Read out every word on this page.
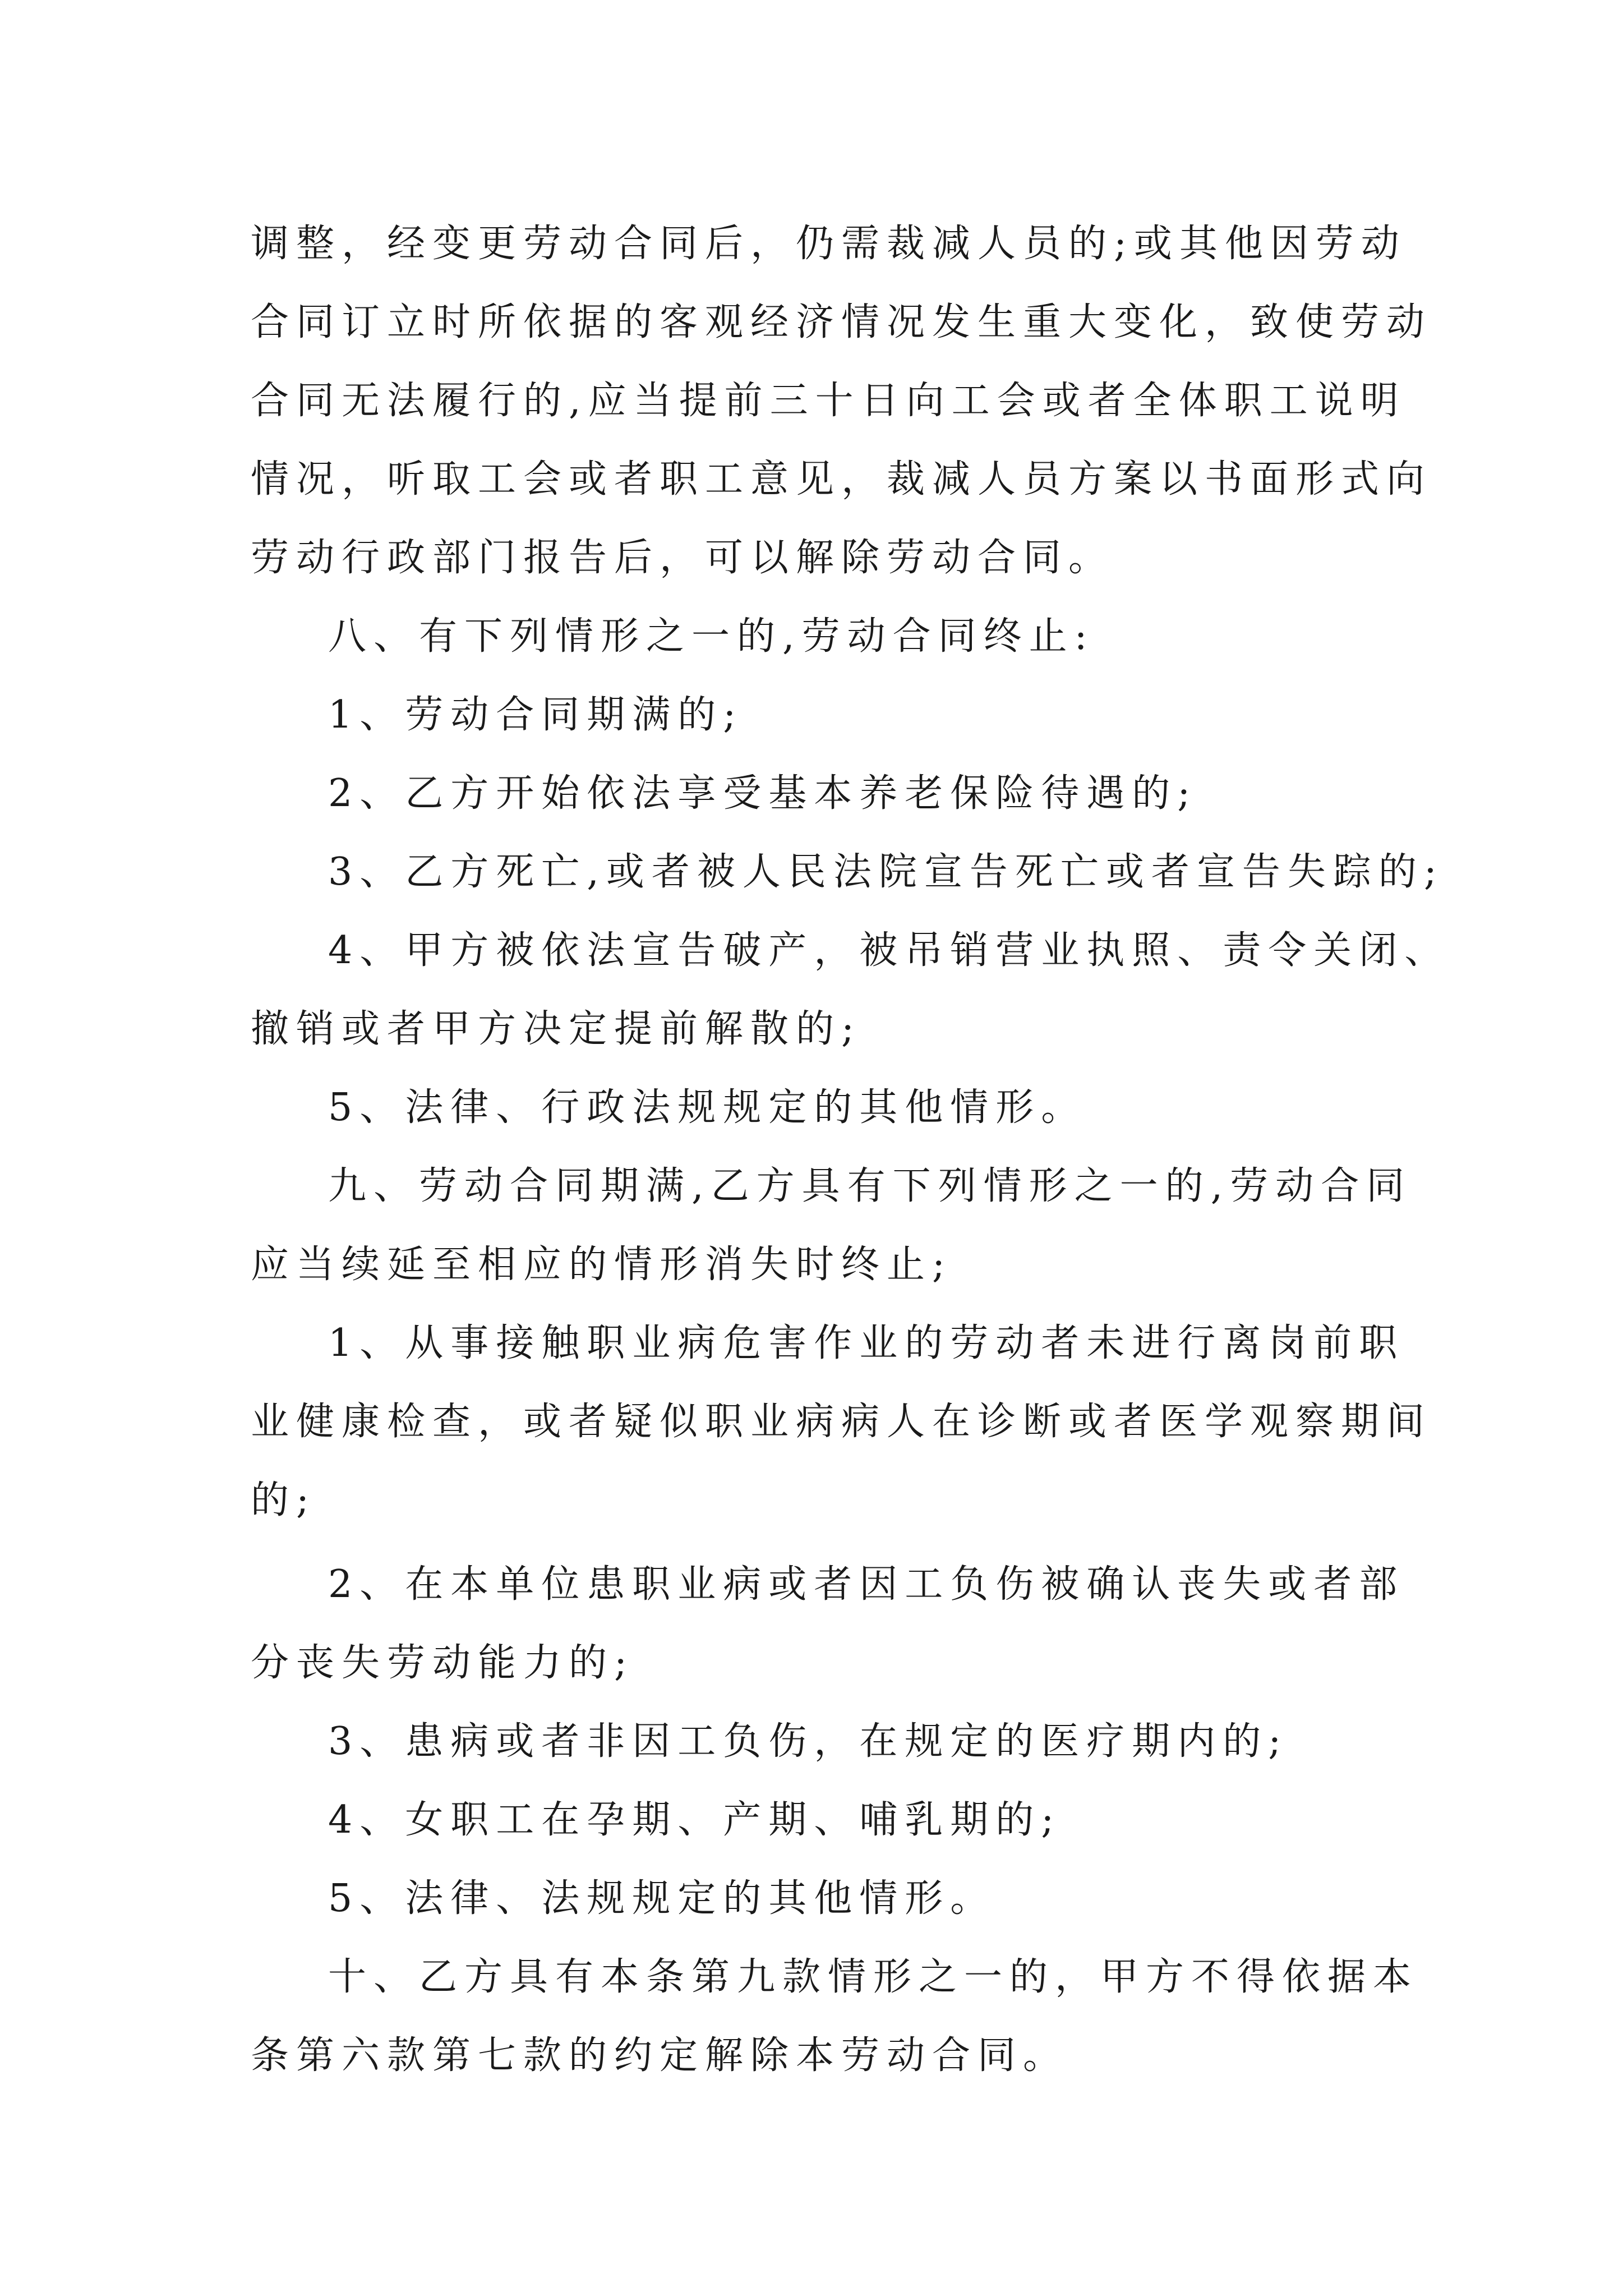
调整，经变更劳动合同后，仍需裁减人员的;或其他因劳动
合同订立时所依据的客观经济情况发生重大变化，致使劳动
合同无法履行的,应当提前三十日向工会或者全体职工说明
情况，听取工会或者职工意见，裁减人员方案以书面形式向
劳动行政部门报告后，可以解除劳动合同。
八、有下列情形之一的,劳动合同终止:
1、劳动合同期满的;
2、乙方开始依法享受基本养老保险待遇的;
3、乙方死亡,或者被人民法院宣告死亡或者宣告失踪的;
4、甲方被依法宣告破产，被吊销营业执照、责令关闭、
撤销或者甲方决定提前解散的;
5、法律、行政法规规定的其他情形。
九、劳动合同期满,乙方具有下列情形之一的,劳动合同
应当续延至相应的情形消失时终止;
1、从事接触职业病危害作业的劳动者未进行离岗前职
业健康检查，或者疑似职业病病人在诊断或者医学观察期间
的;
2、在本单位患职业病或者因工负伤被确认丧失或者部
分丧失劳动能力的;
3、患病或者非因工负伤，在规定的医疗期内的;
4、女职工在孕期、产期、哺乳期的;
5、法律、法规规定的其他情形。
十、乙方具有本条第九款情形之一的，甲方不得依据本
条第六款第七款的约定解除本劳动合同。
